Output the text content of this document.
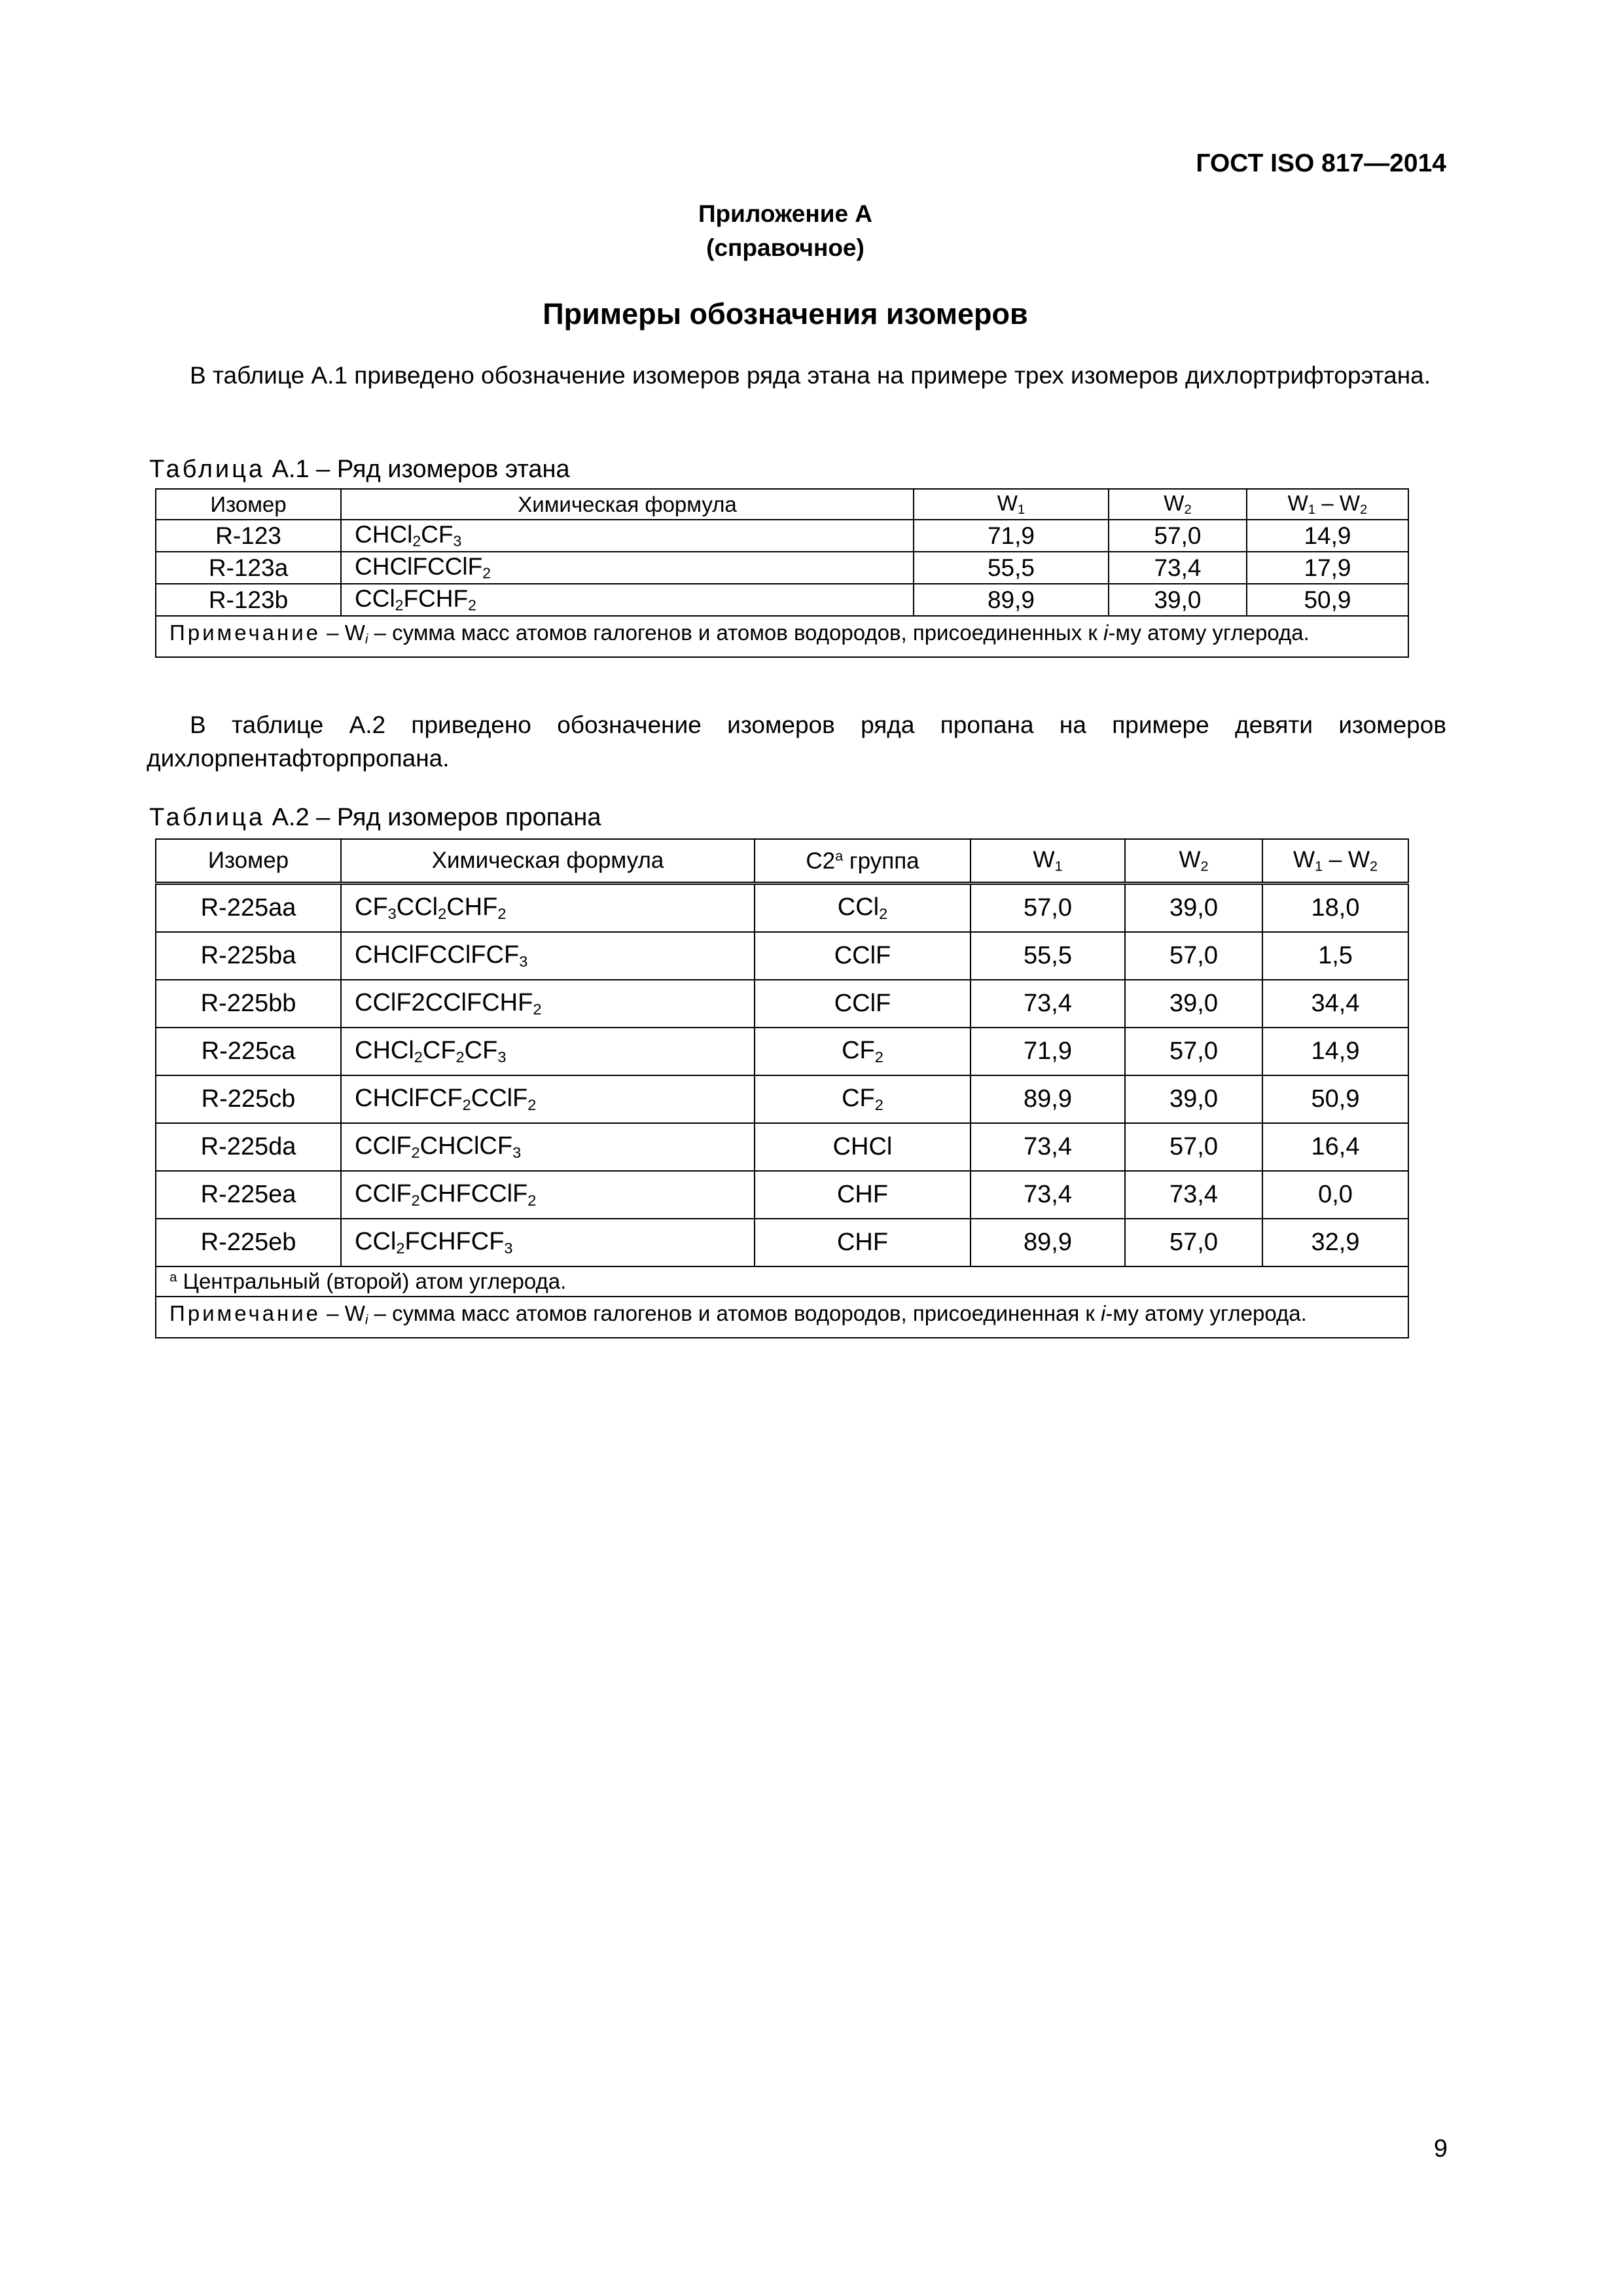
ГОСТ ISO 817—2014
Приложение А
(справочное)
Примеры обозначения изомеров

В таблице А.1 приведено обозначение изомеров ряда этана на примере трех изомеров дихлортрифторэтана.

Таблица А.1 – Ряд изомеров этана
Изомер	Химическая формула	$W_1$	$W_2$	$W_1 - W_2$
R-123	$CHCl_2CF_3$	71,9	57,0	14,9
R-123a	CHClFCClF$_2$	55,5	73,4	17,9
R-123b	$CCl_2FCHF_2$	89,9	39,0	50,9
Примечание – $W_i$ – сумма масс атомов галогенов и атомов водородов, присоединенных к i-му атому углерода.				

В таблице А.2 приведено обозначение изомеров ряда пропана на примере девяти изомеров дихлорпентафторпропана.

Таблица А.2 – Ряд изомеров пропана
Изомер	Химическая формула	C2$^a$ группа	$W_1$	$W_2$	$W_1 - W_2$
R-225aa	$CF_3CCl_2CHF_2$	CCl$_2$	57,0	39,0	18,0
R-225ba	CHClFCClFCF$_3$	CClF	55,5	57,0	1,5
R-225bb	CClF2CClFCHF$_2$	CClF	73,4	39,0	34,4
R-225ca	$CHCl_2CF_2CF_3$	$CF_2$	71,9	57,0	14,9
R-225cb	CHClFCF$_2$CClF$_2$	$CF_2$	89,9	39,0	50,9
R-225da	CClF$_2$CHClCF$_3$	CHCl	73,4	57,0	16,4
R-225ea	CClF$_2$CHFCClF$_2$	CHF	73,4	73,4	0,0
R-225eb	$CCl_2FCHFCF_3$	CHF	89,9	57,0	32,9
$^а$ Центральный (второй) атом углерода.					
Примечание – $W_i$ – сумма масс атомов галогенов и атомов водородов, присоединенная к i-му атому углерода.					
9
